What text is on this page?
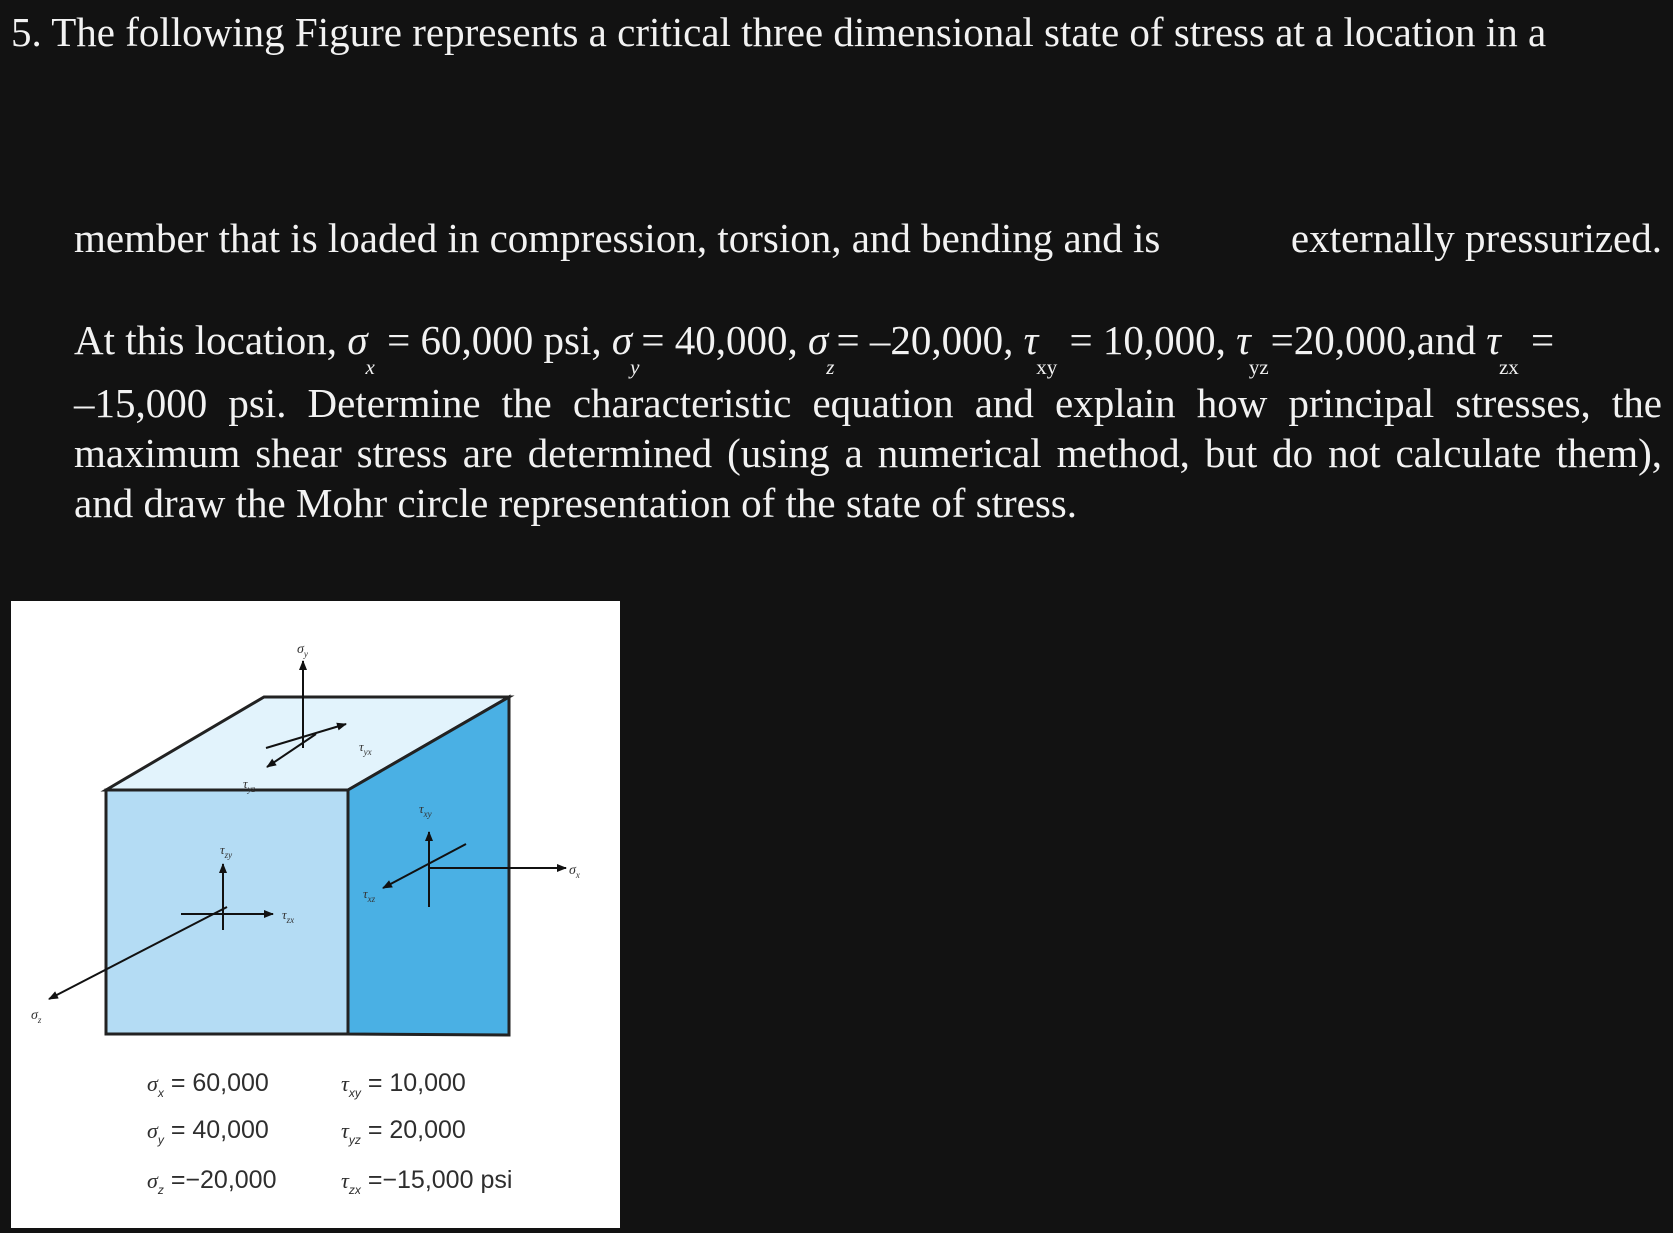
5. The following Figure represents a critical three dimensional state of stress at a location in a
member that is loaded in compression, torsion, and bending and is	externally pressurized.
At this location, $\sigma_x = 60,000$ psi, $\sigma_y= 40,000$, $\sigma_z= -20,000$, $\tau_{xy} = 10,000$, $\tau_{yz}=20,000,and$ $\tau_{zx}$ =
–15,000 psi. Determine the characteristic equation and explain how principal stresses, the maximum shear stress are determined (using a numerical method, but do not calculate them), and draw the Mohr circle representation of the state of stress.
$\sigma_y$
$\tau_{yx}$
$\tau_{yz}$
$\tau_{xy}$
$\sigma_x$
$\tau_{zy}$
$\tau_{xz}$
$\tau_{zx}$
$\sigma_z$
$\sigma_x = 60,000$
$\sigma_y = 40,000$
$\sigma_z =-20,000$
$\tau_{xy} = 10,000$
$\tau_{yz} = 20,000$
$\tau_{zx} =-15,000$ psi
